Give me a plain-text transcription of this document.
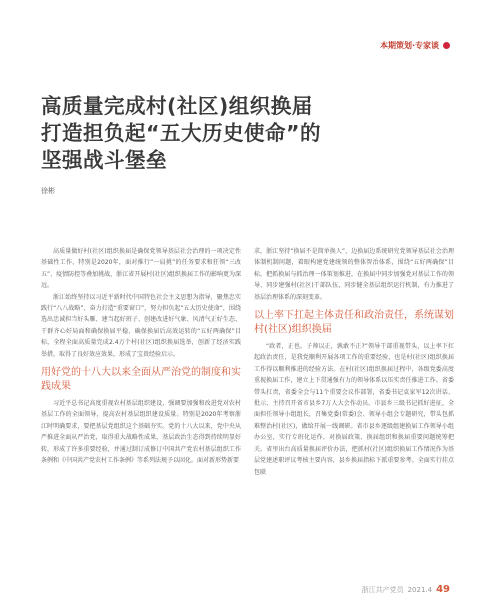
本期策划·专家谈
高质量完成村(社区)组织换届
打造担负起“五大历史使命”的
坚强战斗堡垒
徐彬

高质量做好村(社区)组织换届是确保党领导基层社会治理的一项决定性基础性工作，特别是2020年，面对推行“一肩挑”的任务要求和狂领“三改五”、疫情防控等叠加挑战，浙江省开展村(社区)组织换届工作的影响更为深远。

浙江始终坚持以习近平新时代中国特色社会主义思想为指导，聚焦忠实践行“八八战略”、奋力打造“重要窗口”，努力担负起“五大历史使命”，围绕选出忠诚担当好头雁、建当起好班子、创建改进好气象、风清气正好生态、干群齐心好局面和确保换届平稳、确保换届后高效运转的“五好两确保”目标，全程全面高质量完成2.4万个村(社区)组织换届选举，创新了经济实践举措，取得了良好效应效果，形成了宝贵经验启示。

用好党的十八大以来全面从严治党的制度和实践成果

习近平总书记高度重视农村基层组织建设，强调要加强和改进党对农村基层工作的全面领导，提高农村基层组织建设质量。特别是2020年考察浙江时明确要求，要把基层党组织这个基础夯实。党的十八大以来，党中央从严推进全面从严治党，取得重大战略性成果，基层政治生态得到持续明显好转，形成了许多重要经验，并通过制订成修订中国共产党农村基层组织工作条例和《中国共产党农村工作条例》等系列法规予以固化。面对新形势新要

求，浙江坚持“换届不是简单换人”，边换届边系统研究党领导基层社会治理体制机制问题，着眼构建党建统领的整体智治体系，围绕“五好两确保”目标，把抓换届与抓治理一体策划推进，在换届中同步加强党对基层工作的领导，同步建强村(社区)干部队伍，同步健全基层组织运行机制，有力推进了基层治理体系的深刻变革。

以上率下扛起主体责任和政治责任，系统谋划村(社区)组织换届

“政者，正也。子帅以正，孰敢不正?”领导干部重视带头，以上率下扛起政治责任，是我党顺利开展各项工作的重要经验，也是村(社区)组织换届工作得以顺利推进的经验方法。在村(社区)组织换届过程中，各级党委高度重视换届工作，建立上下贯通强有力的领导体系以压实责任推进工作。省委带头扛责，省委全会与11个重要会议作部署，省委书记袁家军12次讲话、批示，主持召开省市县乡7万人大会作动员。市县乡三级书记抓好进征，全面担任领导小组组长，召集党委(常委)会、领导小组会专题研究，带头包抓难整治村(社区)，做给开展一线调研。省市县乡逐级组建换届工作领导小组办公室，实行专班化运作，对换届政策、换届组织和换届重要问题统筹把关。省里出台高质量换届评价办法，把抓村(社区)组织换届工作情况作为基层党建述职评议考核主要内容，县乡换届指标下派重要参考。全面实行挂点包联

浙江共产党员 2021.4 49
